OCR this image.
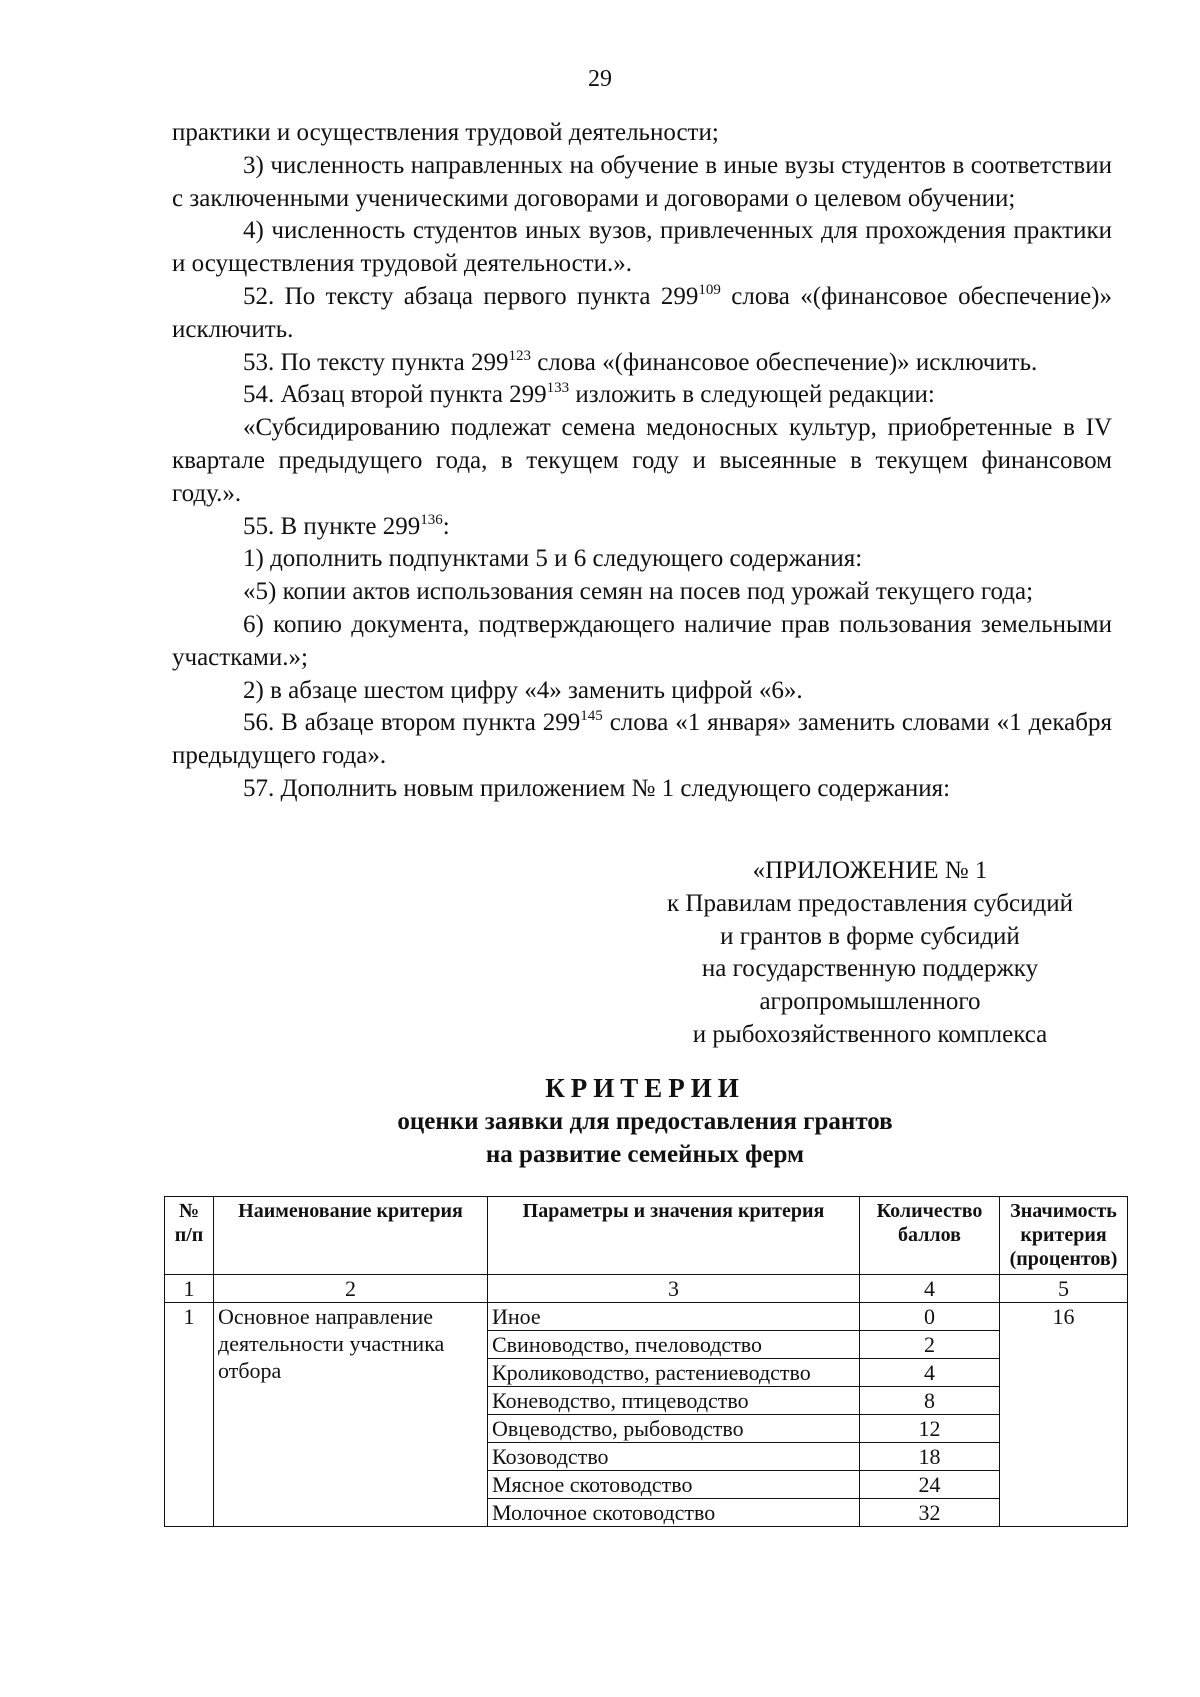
29

практики и осуществления трудовой деятельности;

3) численность направленных на обучение в иные вузы студентов в соответствии с заключенными ученическими договорами и договорами о целевом обучении;

4) численность студентов иных вузов, привлеченных для прохождения практики и осуществления трудовой деятельности.».

52. По тексту абзаца первого пункта $299^{109}$ слова «(финансовое обеспечение)» исключить.

53. По тексту пункта $299^{123}$ слова «(финансовое обеспечение)» исключить.

54. Абзац второй пункта $299^{133}$ изложить в следующей редакции:

«Субсидированию подлежат семена медоносных культур, приобретенные в IV квартале предыдущего года, в текущем году и высеянные в текущем финансовом году.».

55. В пункте $299^{136}$:

1) дополнить подпунктами 5 и 6 следующего содержания:

«5) копии актов использования семян на посев под урожай текущего года;

6) копию документа, подтверждающего наличие прав пользования земельными участками.»;

2) в абзаце шестом цифру «4» заменить цифрой «6».

56. В абзаце втором пункта $299^{145}$ слова «1 января» заменить словами «1 декабря предыдущего года».

57. Дополнить новым приложением № 1 следующего содержания:

«ПРИЛОЖЕНИЕ № 1
к Правилам предоставления субсидий
и грантов в форме субсидий
на государственную поддержку
агропромышленного
и рыбохозяйственного комплекса
КРИТЕРИИ
оценки заявки для предоставления грантов
на развитие семейных ферм
№ п/п	Наименование критерия	Параметры и значения критерия	Количество баллов	Значимость критерия (процентов)
1	2	3	4	5
1	Основное направление деятельности участника отбора	Иное	0	16
		Свиноводство, пчеловодство	2	
		Кролиководство, растениеводство	4	
		Коневодство, птицеводство	8	
		Овцеводство, рыбоводство	12	
		Козоводство	18	
		Мясное скотоводство	24	
		Молочное скотоводство	32	
